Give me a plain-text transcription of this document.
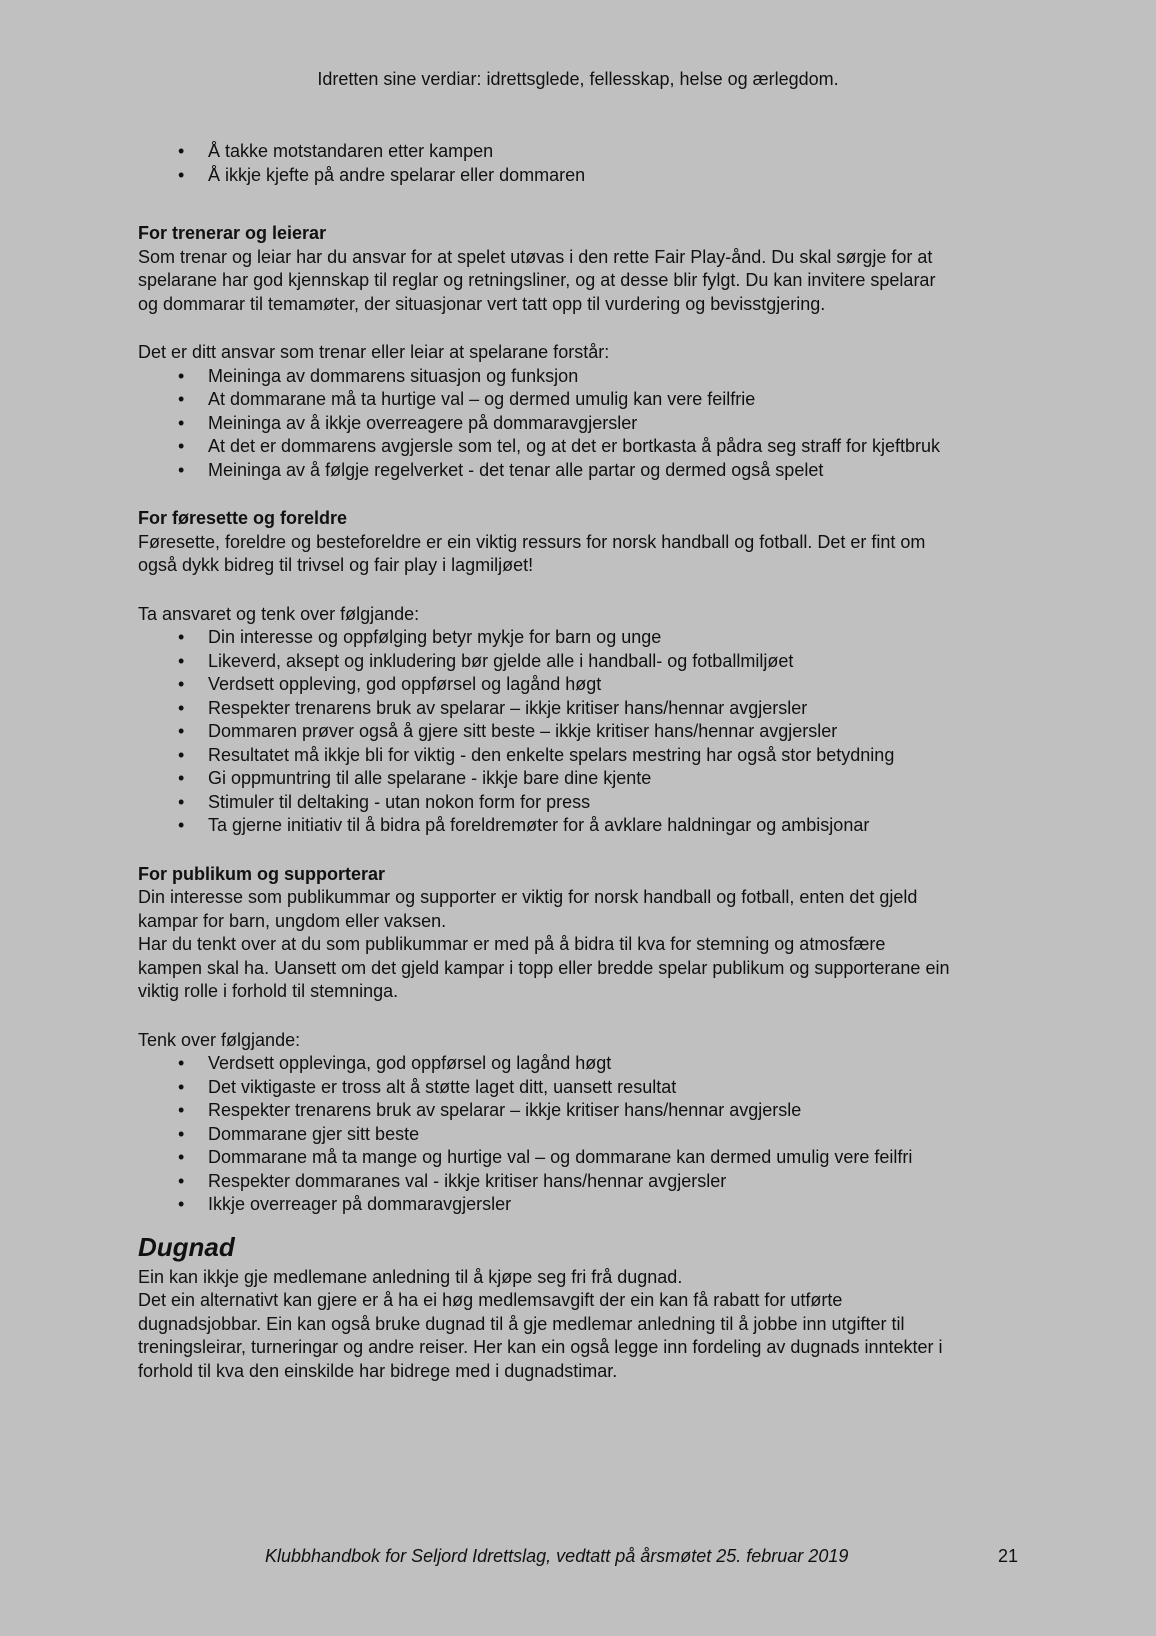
Idretten sine verdiar: idrettsglede, fellesskap, helse og ærlegdom.
• Å takke motstandaren etter kampen
• Å ikkje kjefte på andre spelarar eller dommaren

For trenerar og leierar

Som trenar og leiar har du ansvar for at spelet utøvas i den rette Fair Play-ånd. Du skal sørgje for at

spelarane har god kjennskap til reglar og retningsliner, og at desse blir fylgt. Du kan invitere spelarar

og dommarar til temamøter, der situasjonar vert tatt opp til vurdering og bevisstgjering.

Det er ditt ansvar som trenar eller leiar at spelarane forstår:

• Meininga av dommarens situasjon og funksjon
• At dommarane må ta hurtige val – og dermed umulig kan vere feilfrie
• Meininga av å ikkje overreagere på dommaravgjersler
• At det er dommarens avgjersle som tel, og at det er bortkasta å pådra seg straff for kjeftbruk
• Meininga av å følgje regelverket - det tenar alle partar og dermed også spelet

For føresette og foreldre

Føresette, foreldre og besteforeldre er ein viktig ressurs for norsk handball og fotball. Det er fint om

også dykk bidreg til trivsel og fair play i lagmiljøet!

Ta ansvaret og tenk over følgjande:

• Din interesse og oppfølging betyr mykje for barn og unge
• Likeverd, aksept og inkludering bør gjelde alle i handball- og fotballmiljøet
• Verdsett oppleving, god oppførsel og lagånd høgt
• Respekter trenarens bruk av spelarar – ikkje kritiser hans/hennar avgjersler
• Dommaren prøver også å gjere sitt beste – ikkje kritiser hans/hennar avgjersler
• Resultatet må ikkje bli for viktig - den enkelte spelars mestring har også stor betydning
• Gi oppmuntring til alle spelarane - ikkje bare dine kjente
• Stimuler til deltaking - utan nokon form for press
• Ta gjerne initiativ til å bidra på foreldremøter for å avklare haldningar og ambisjonar

For publikum og supporterar

Din interesse som publikummar og supporter er viktig for norsk handball og fotball, enten det gjeld

kampar for barn, ungdom eller vaksen.

Har du tenkt over at du som publikummar er med på å bidra til kva for stemning og atmosfære

kampen skal ha. Uansett om det gjeld kampar i topp eller bredde spelar publikum og supporterane ein

viktig rolle i forhold til stemninga.

Tenk over følgjande:

• Verdsett opplevinga, god oppførsel og lagånd høgt
• Det viktigaste er tross alt å støtte laget ditt, uansett resultat
• Respekter trenarens bruk av spelarar – ikkje kritiser hans/hennar avgjersle
• Dommarane gjer sitt beste
• Dommarane må ta mange og hurtige val – og dommarane kan dermed umulig vere feilfri
• Respekter dommaranes val - ikkje kritiser hans/hennar avgjersler
• Ikkje overreager på dommaravgjersler

Dugnad

Ein kan ikkje gje medlemane anledning til å kjøpe seg fri frå dugnad.

Det ein alternativt kan gjere er å ha ei høg medlemsavgift der ein kan få rabatt for utførte

dugnadsjobbar. Ein kan også bruke dugnad til å gje medlemar anledning til å jobbe inn utgifter til

treningsleirar, turneringar og andre reiser. Her kan ein også legge inn fordeling av dugnads inntekter i

forhold til kva den einskilde har bidrege med i dugnadstimar.

Klubbhandbok for Seljord Idrettslag, vedtatt på årsmøtet 25. februar 2019	21
